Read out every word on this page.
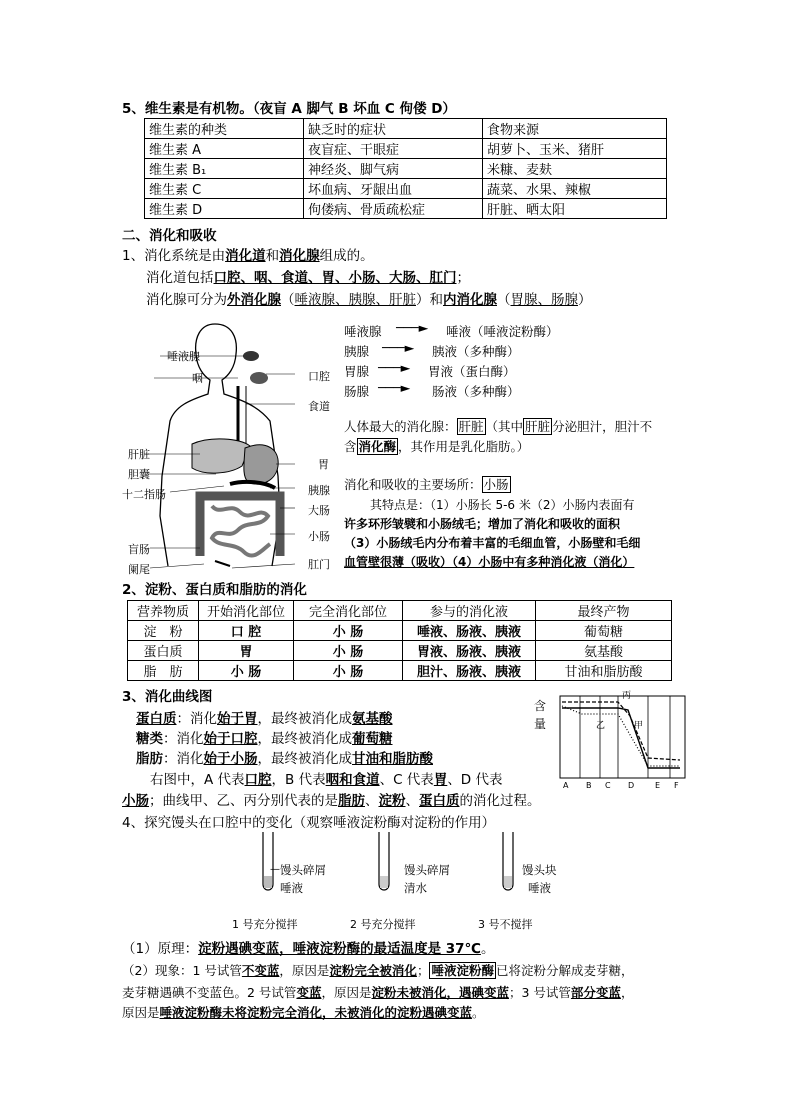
5、维生素是有机物。（夜盲 A 脚气 B 坏血 C 佝偻 D）
维生素的种类	缺乏时的症状	食物来源
维生素 A	夜盲症、干眼症	胡萝卜、玉米、猪肝
维生素 B₁	神经炎、脚气病	米糠、麦麸
维生素 C	坏血病、牙龈出血	蔬菜、水果、辣椒
维生素 D	佝偻病、骨质疏松症	肝脏、晒太阳
二、消化和吸收
1、消化系统是由消化道和消化腺组成的。
消化道包括口腔、咽、食道、胃、小肠、大肠、肛门；
消化腺可分为外消化腺（唾液腺、胰腺、肝脏）和内消化腺（胃腺、肠腺）
唾液腺
咽
肝脏
胆囊
十二指肠
盲肠
阑尾
口腔
食道
胃
胰腺
大肠
小肠
肛门
唾液腺 ───► 唾液（唾液淀粉酶）
胰腺 ───► 胰液（多种酶）
胃腺 ───► 胃液（蛋白酶）
肠腺 ───► 肠液（多种酶）
人体最大的消化腺： 肝脏 （其中 肝脏 分泌胆汁，胆汁不
含 消化酶 ，其作用是乳化脂肪。）
消化和吸收的主要场所： 小肠
其特点是：（1）小肠长 5-6 米（2）小肠内表面有
许多环形皱襞和小肠绒毛；增加了消化和吸收的面积
（3）小肠绒毛内分布着丰富的毛细血管，小肠壁和毛细
血管壁很薄（吸收）（4）小肠中有多种消化液（消化）
2、淀粉、蛋白质和脂肪的消化
营养物质	开始消化部位	完全消化部位	参与的消化液	最终产物
淀　粉	口 腔	小 肠	唾液、肠液、胰液	葡萄糖
蛋白质	胃	小 肠	胃液、肠液、胰液	氨基酸
脂　肪	小 肠	小 肠	胆汁、肠液、胰液	甘油和脂肪酸
3、消化曲线图
蛋白质：消化始于胃，最终被消化成氨基酸
糖类：消化始于口腔，最终被消化成葡萄糖
脂肪：消化始于小肠，最终被消化成甘油和脂肪酸
右图中，A 代表口腔，B 代表咽和食道、C 代表胃、D 代表
小肠；曲线甲、乙、丙分别代表的是脂肪、淀粉、蛋白质的消化过程。
丙
乙	甲
含
量
A B C D	E F
4、探究馒头在口腔中的变化（观察唾液淀粉酶对淀粉的作用）
— 馒头碎屑
唾液
1 号充分搅拌
馒头碎屑
清水
2 号充分搅拌
馒头块
唾液
3 号不搅拌
（1）原理：淀粉遇碘变蓝，唾液淀粉酶的最适温度是 37℃。
（2）现象：1 号试管不变蓝，原因是淀粉完全被消化； 唾液淀粉酶 已将淀粉分解成麦芽糖，
麦芽糖遇碘不变蓝色。2 号试管变蓝，原因是淀粉未被消化，遇碘变蓝；3 号试管部分变蓝，
原因是唾液淀粉酶未将淀粉完全消化，未被消化的淀粉遇碘变蓝。
